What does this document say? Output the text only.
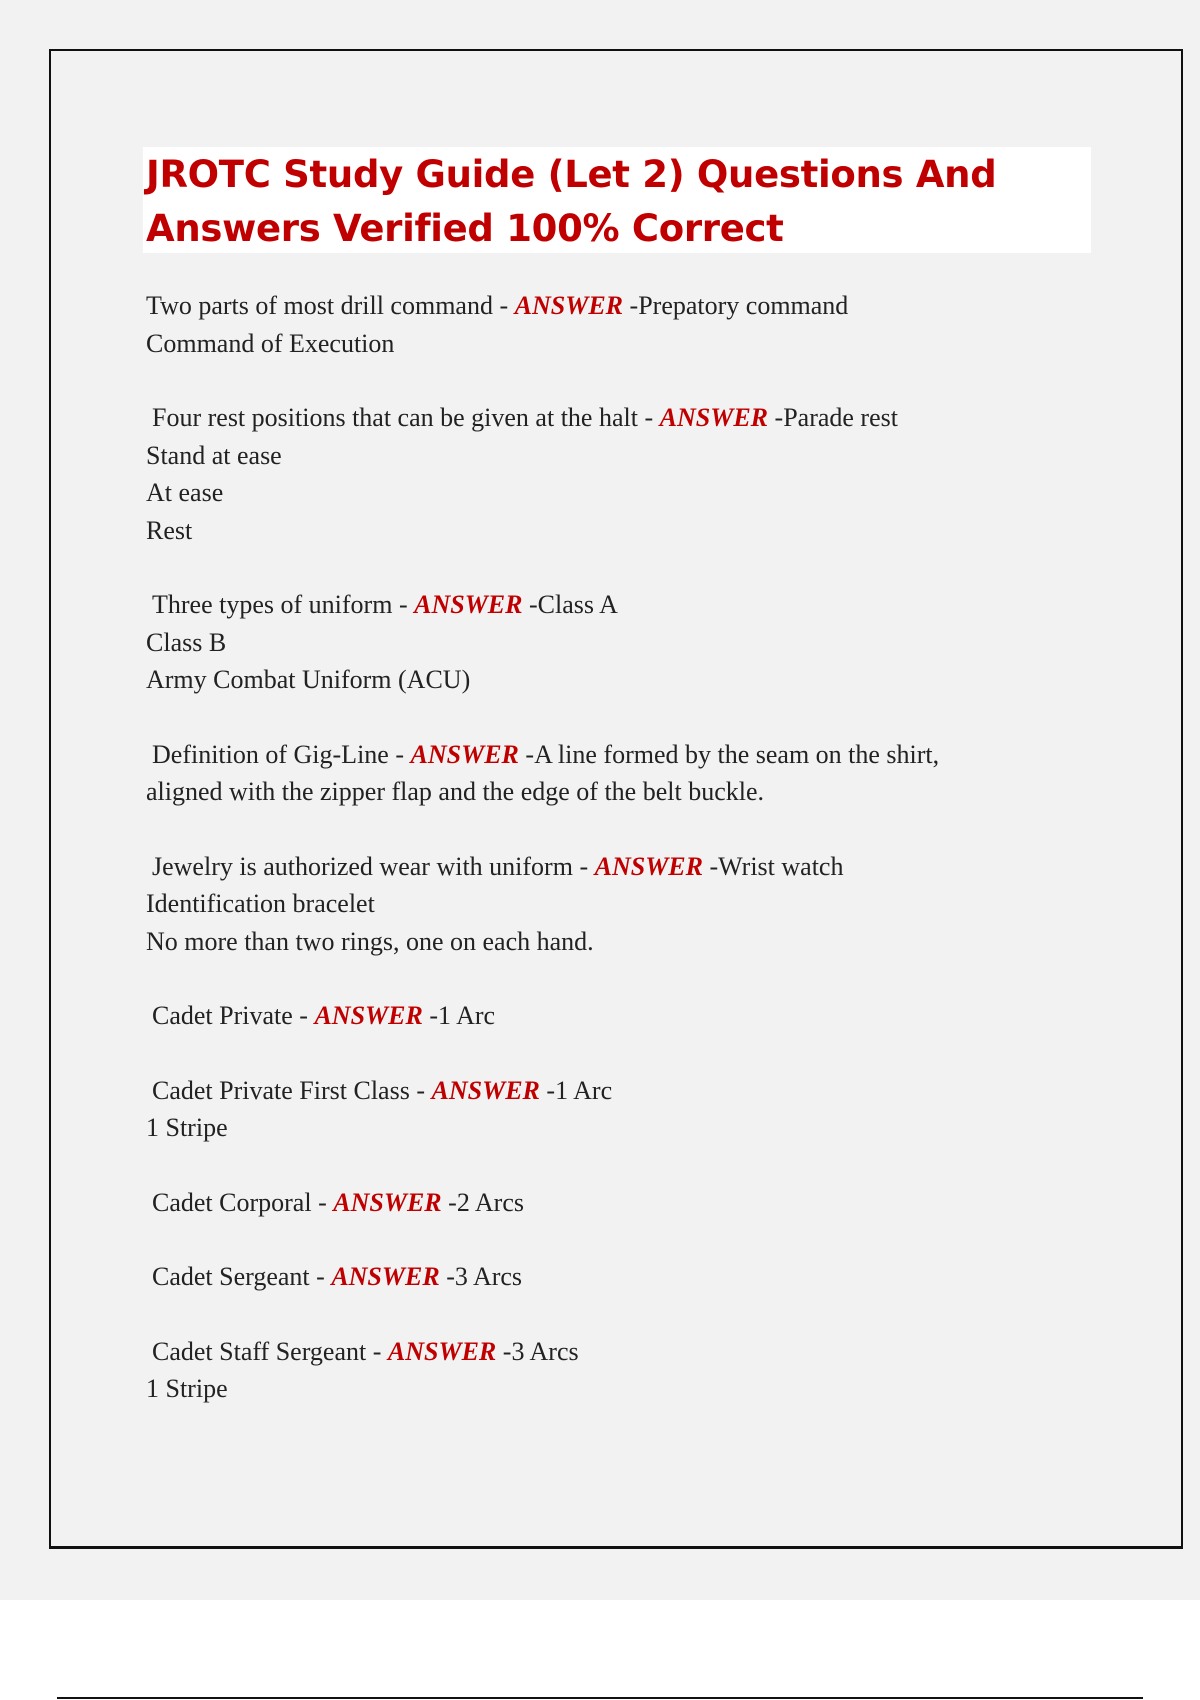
JROTC Study Guide (Let 2) Questions And
Answers Verified 100% Correct
Two parts of most drill command - ANSWER -Prepatory command
Command of Execution
Four rest positions that can be given at the halt - ANSWER -Parade rest
Stand at ease
At ease
Rest
Three types of uniform - ANSWER -Class A
Class B
Army Combat Uniform (ACU)
Definition of Gig-Line - ANSWER -A line formed by the seam on the shirt,
aligned with the zipper flap and the edge of the belt buckle.
Jewelry is authorized wear with uniform - ANSWER -Wrist watch
Identification bracelet
No more than two rings, one on each hand.
Cadet Private - ANSWER -1 Arc
Cadet Private First Class - ANSWER -1 Arc
1 Stripe
Cadet Corporal - ANSWER -2 Arcs
Cadet Sergeant - ANSWER -3 Arcs
Cadet Staff Sergeant - ANSWER -3 Arcs
1 Stripe
